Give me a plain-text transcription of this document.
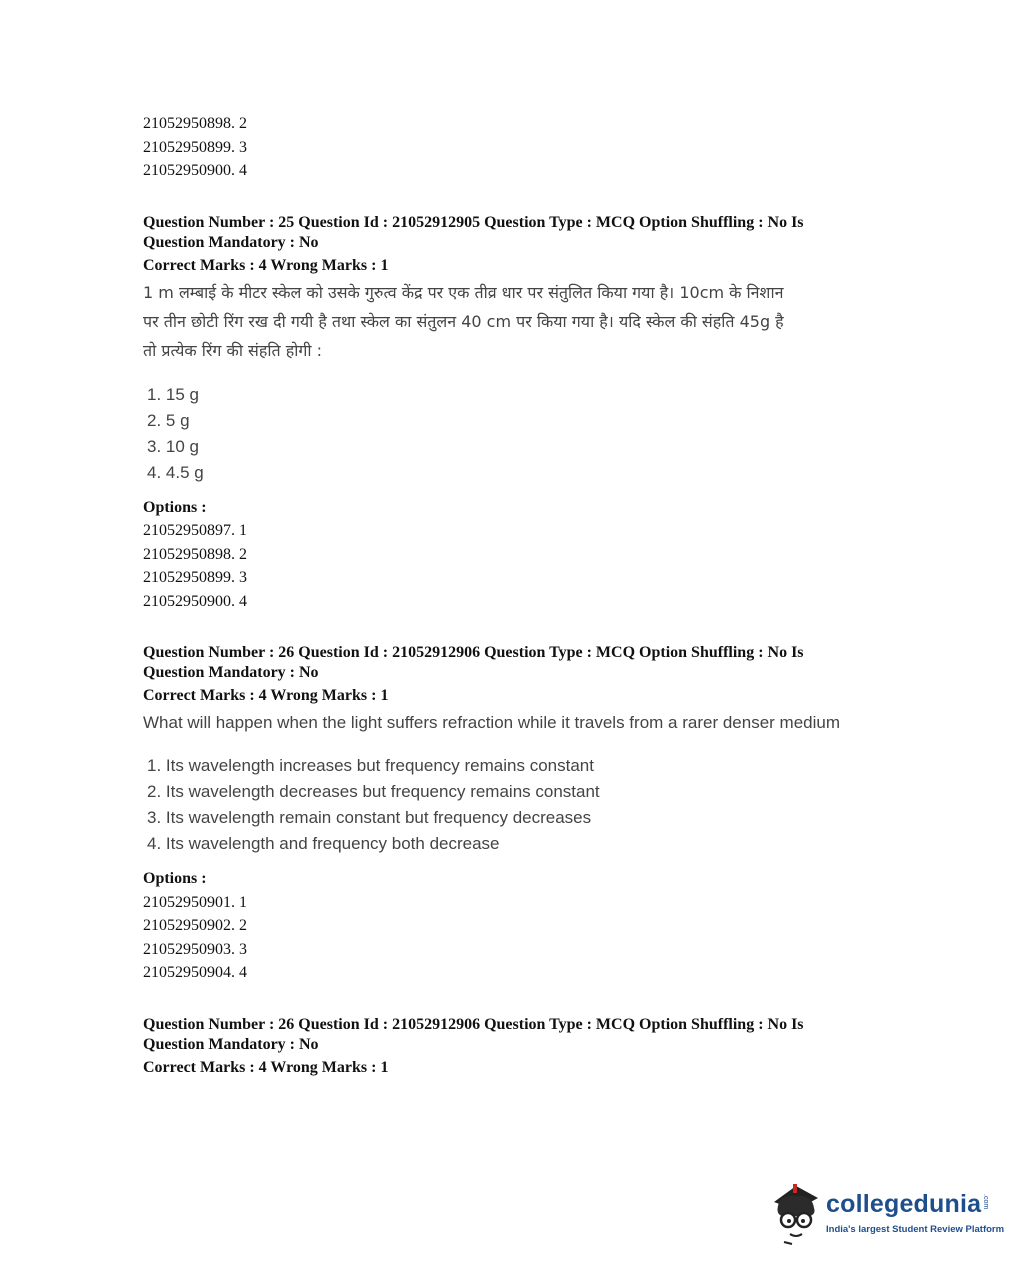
21052950898. 2

21052950899. 3

21052950900. 4

Question Number : 25 Question Id : 21052912905 Question Type : MCQ Option Shuffling : No Is

Question Mandatory : No

Correct Marks : 4 Wrong Marks : 1

1 m लम्बाई के मीटर स्केल को उसके गुरुत्व केंद्र पर एक तीव्र धार पर संतुलित किया गया है। 10cm के निशान

पर तीन छोटी रिंग रख दी गयी है तथा स्केल का संतुलन 40 cm पर किया गया है। यदि स्केल की संहति 45g है

तो प्रत्येक रिंग की संहति होगी :

1. 15 g

2. 5 g

3. 10 g

4. 4.5 g

Options :

21052950897. 1

21052950898. 2

21052950899. 3

21052950900. 4

Question Number : 26 Question Id : 21052912906 Question Type : MCQ Option Shuffling : No Is

Question Mandatory : No

Correct Marks : 4 Wrong Marks : 1

What will happen when the light suffers refraction while it travels from a rarer denser medium

1. Its wavelength increases but frequency remains constant

2. Its wavelength decreases but frequency remains constant

3. Its wavelength remain constant but frequency decreases

4. Its wavelength and frequency both decrease

Options :

21052950901. 1

21052950902. 2

21052950903. 3

21052950904. 4

Question Number : 26 Question Id : 21052912906 Question Type : MCQ Option Shuffling : No Is

Question Mandatory : No

Correct Marks : 4 Wrong Marks : 1

collegedunia .com
India's largest Student Review Platform
